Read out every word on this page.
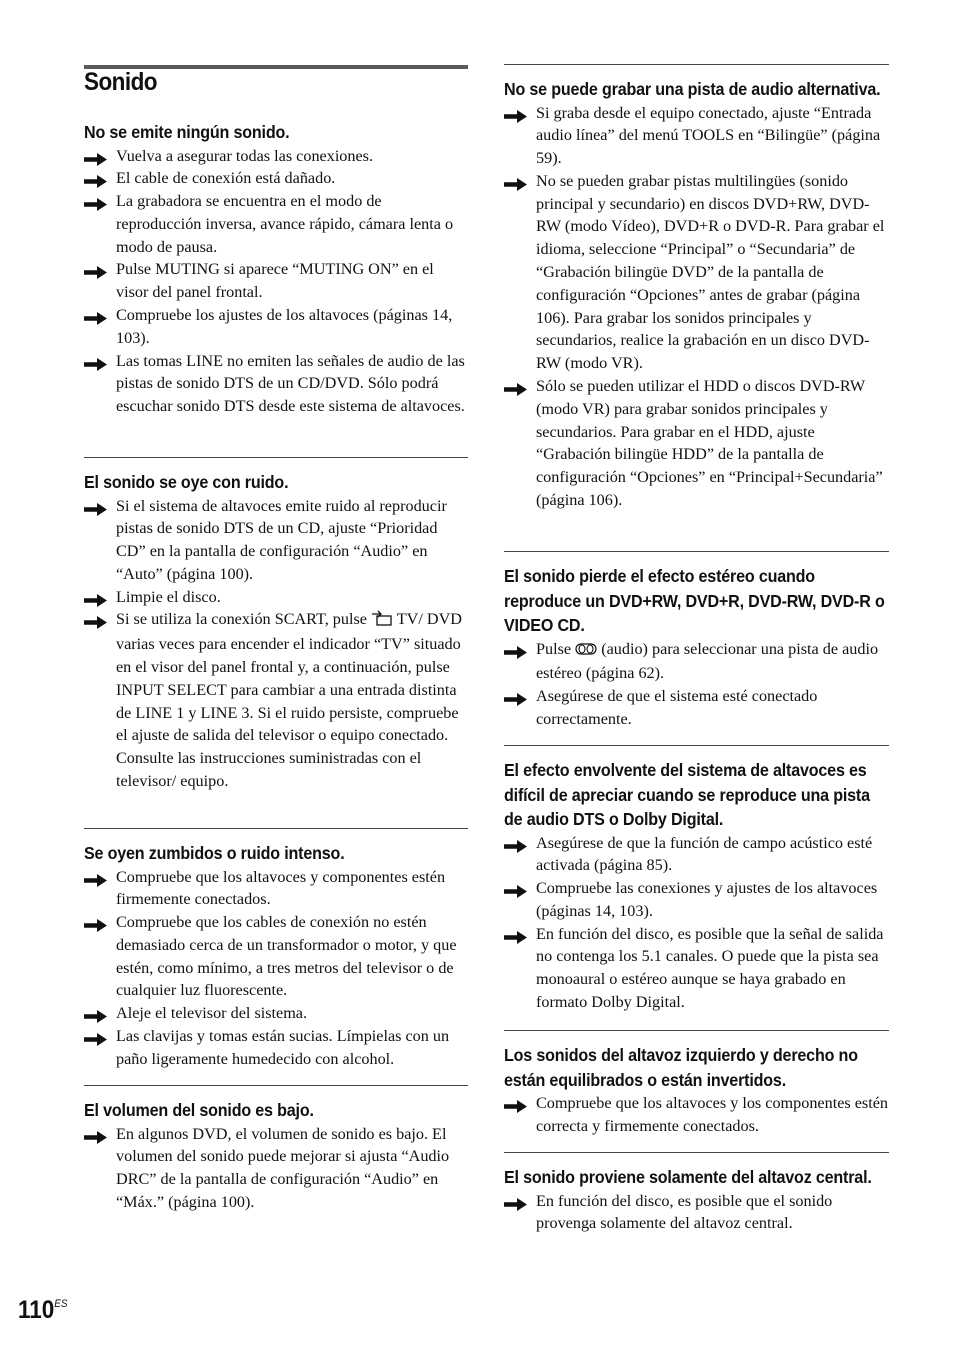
Sonido
No se emite ningún sonido.
Vuelva a asegurar todas las conexiones.
El cable de conexión está dañado.
La grabadora se encuentra en el modo de reproducción inversa, avance rápido, cámara lenta o modo de pausa.
Pulse MUTING si aparece “MUTING ON” en el visor del panel frontal.
Compruebe los ajustes de los altavoces (páginas 14, 103).
Las tomas LINE no emiten las señales de audio de las pistas de sonido DTS de un CD/DVD. Sólo podrá escuchar sonido DTS desde este sistema de altavoces.
El sonido se oye con ruido.
Si el sistema de altavoces emite ruido al reproducir pistas de sonido DTS de un CD, ajuste “Prioridad CD” en la pantalla de configuración “Audio” en “Auto” (página 100).
Limpie el disco.
Si se utiliza la conexión SCART, pulse  TV/ DVD varias veces para encender el indicador “TV” situado en el visor del panel frontal y, a continuación, pulse INPUT SELECT para cambiar a una entrada distinta de LINE 1 y LINE 3. Si el ruido persiste, compruebe el ajuste de salida del televisor o equipo conectado. Consulte las instrucciones suministradas con el televisor/ equipo.
Se oyen zumbidos o ruido intenso.
Compruebe que los altavoces y componentes estén firmemente conectados.
Compruebe que los cables de conexión no estén demasiado cerca de un transformador o motor, y que estén, como mínimo, a tres metros del televisor o de cualquier luz fluorescente.
Aleje el televisor del sistema.
Las clavijas y tomas están sucias. Límpielas con un paño ligeramente humedecido con alcohol.
El volumen del sonido es bajo.
En algunos DVD, el volumen de sonido es bajo. El volumen del sonido puede mejorar si ajusta “Audio DRC” de la pantalla de configuración “Audio” en “Máx.” (página 100).
No se puede grabar una pista de audio alternativa.
Si graba desde el equipo conectado, ajuste “Entrada audio línea” del menú TOOLS en “Bilingüe” (página 59).
No se pueden grabar pistas multilingües (sonido principal y secundario) en discos DVD+RW, DVD-RW (modo Vídeo), DVD+R o DVD-R. Para grabar el idioma, seleccione “Principal” o “Secundaria” de “Grabación bilingüe DVD” de la pantalla de configuración “Opciones” antes de grabar (página 106). Para grabar los sonidos principales y secundarios, realice la grabación en un disco DVD-RW (modo VR).
Sólo se pueden utilizar el HDD o discos DVD-RW (modo VR) para grabar sonidos principales y secundarios. Para grabar en el HDD, ajuste “Grabación bilingüe HDD” de la pantalla de configuración “Opciones” en “Principal+Secundaria” (página 106).
El sonido pierde el efecto estéreo cuando reproduce un DVD+RW, DVD+R, DVD-RW, DVD-R o VIDEO CD.
Pulse  (audio) para seleccionar una pista de audio estéreo (página 62).
Asegúrese de que el sistema esté conectado correctamente.
El efecto envolvente del sistema de altavoces es difícil de apreciar cuando se reproduce una pista de audio DTS o Dolby Digital.
Asegúrese de que la función de campo acústico esté activada (página 85).
Compruebe las conexiones y ajustes de los altavoces (páginas 14, 103).
En función del disco, es posible que la señal de salida no contenga los 5.1 canales. O puede que la pista sea monoaural o estéreo aunque se haya grabado en formato Dolby Digital.
Los sonidos del altavoz izquierdo y derecho no están equilibrados o están invertidos.
Compruebe que los altavoces y los componentes estén correcta y firmemente conectados.
El sonido proviene solamente del altavoz central.
En función del disco, es posible que el sonido provenga solamente del altavoz central.
$110^{ES}$
